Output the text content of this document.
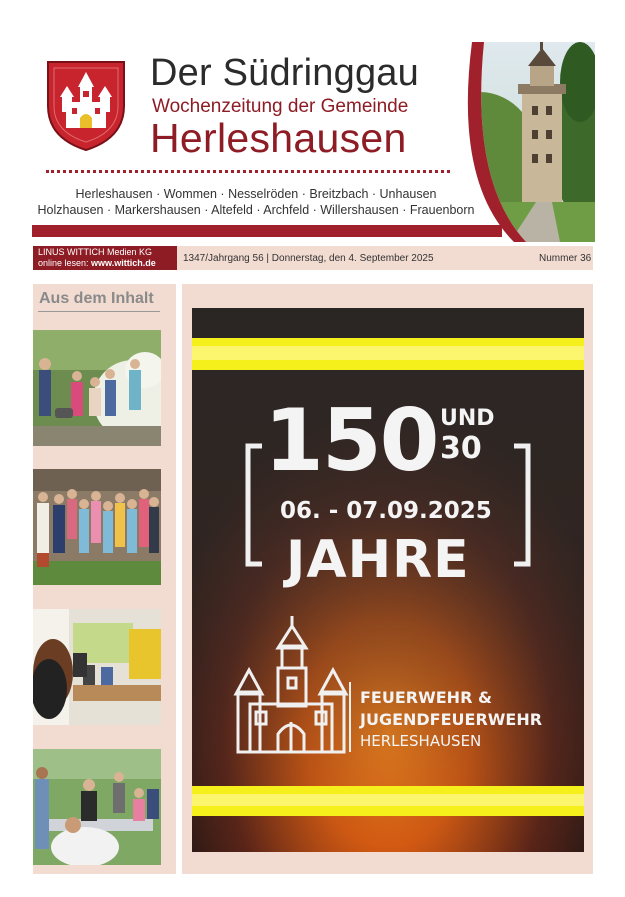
Der Südringgau
Wochenzeitung der Gemeinde
Herleshausen
Herleshausen · Wommen · Nesselröden · Breitzbach · Unhausen
Holzhausen · Markershausen · Altefeld · Archfeld · Willershausen · Frauenborn
LINUS WITTICH Medien KG
online lesen: www.wittich.de	1347/Jahrgang 56 | Donnerstag, den 4. September 2025	Nummer 36
Aus dem Inhalt
150 UND
30
06. - 07.09.2025
JAHRE
FEUERWEHR &
JUGENDFEUERWEHR
HERLESHAUSEN
